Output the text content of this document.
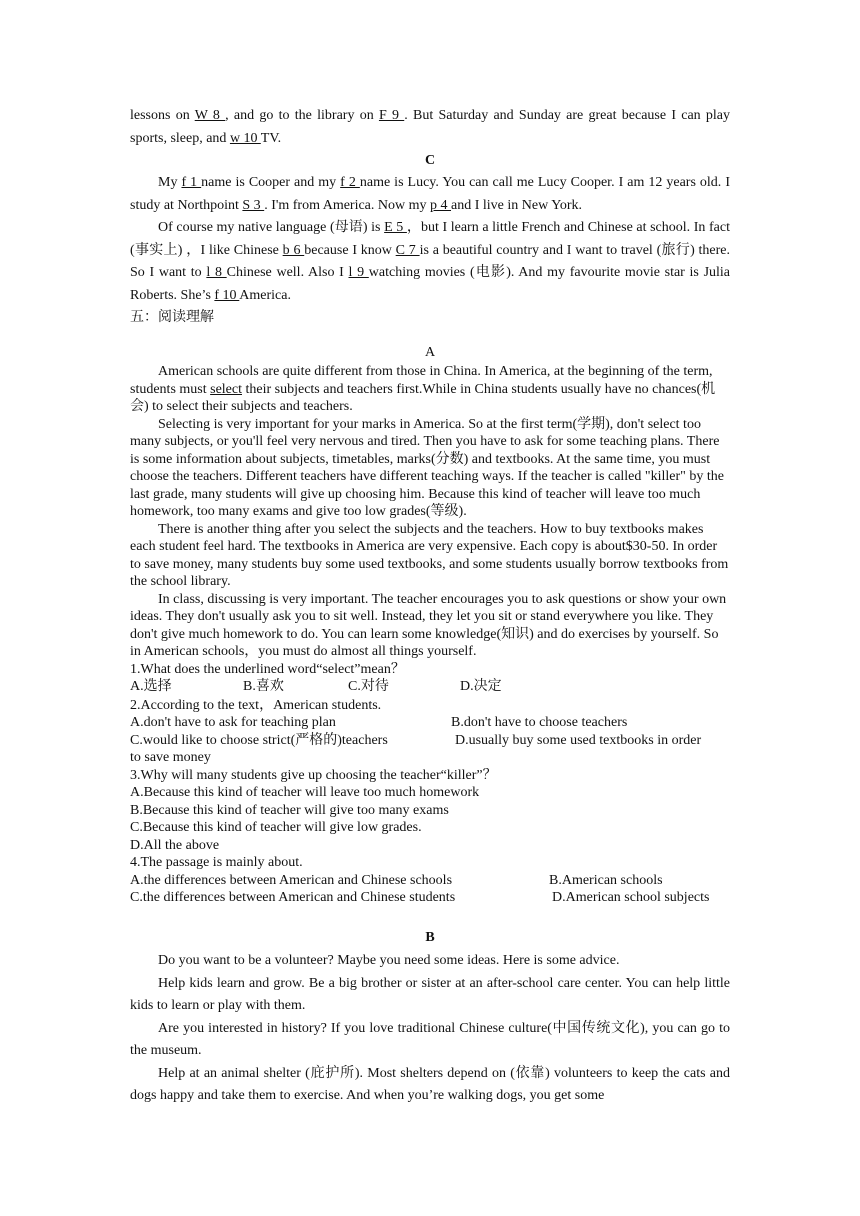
lessons on W 8 , and go to the library on F 9 . But Saturday and Sunday are great because I can play sports, sleep, and w 10 TV.

C

My f 1 name is Cooper and my f 2 name is Lucy. You can call me Lucy Cooper. I am 12 years old. I study at Northpoint S 3 . I'm from America. Now my p 4 and I live in New York.

Of course my native language (母语) is E 5 ，but I learn a little French and Chinese at school. In fact (事实上) ，I like Chinese b 6 because I know C 7 is a beautiful country and I want to travel (旅行) there. So I want to l 8 Chinese well. Also I l 9 watching movies (电影). And my favourite movie star is Julia Roberts. She’s f 10 America.

五：阅读理解
A

American schools are quite different from those in China. In America, at the beginning of the term, students must select their subjects and teachers first.While in China students usually have no chances(机会) to select their subjects and teachers.

Selecting is very important for your marks in America. So at the first term(学期), don't select too many subjects, or you'll feel very nervous and tired. Then you have to ask for some teaching plans. There is some information about subjects, timetables, marks(分数) and textbooks. At the same time, you must choose the teachers. Different teachers have different teaching ways. If the teacher is called "killer" by the last grade, many students will give up choosing him. Because this kind of teacher will leave too much homework, too many exams and give too low grades(等级).

There is another thing after you select the subjects and the teachers. How to buy textbooks makes each student feel hard. The textbooks in America are very expensive. Each copy is about$30-50. In order to save money, many students buy some used textbooks, and some students usually borrow textbooks from the school library.

In class, discussing is very important. The teacher encourages you to ask questions or show your own ideas. They don't usually ask you to sit well. Instead, they let you sit or stand everywhere you like. They don't give much homework to do. You can learn some knowledge(知识) and do exercises by yourself. So in American schools，you must do almost all things yourself.

1.What does the underlined word“select”mean？

A.选择	B.喜欢	C.对待	D.决定

2.According to the text，American students.

A.don't have to ask for teaching plan	B.don't have to choose teachers
C.would like to choose strict(严格的)teachers	D.usually buy some used textbooks in order

to save money

3.Why will many students give up choosing the teacher“killer”？

A.Because this kind of teacher will leave too much homework

B.Because this kind of teacher will give too many exams

C.Because this kind of teacher will give low grades.

D.All the above

4.The passage is mainly about.

A.the differences between American and Chinese schools	B.American schools
C.the differences between American and Chinese students	D.American school subjects
B

Do you want to be a volunteer? Maybe you need some ideas. Here is some advice.

Help kids learn and grow. Be a big brother or sister at an after-school care center. You can help little kids to learn or play with them.

Are you interested in history? If you love traditional Chinese culture(中国传统文化), you can go to the museum.

Help at an animal shelter (庇护所). Most shelters depend on (依靠) volunteers to keep the cats and dogs happy and take them to exercise. And when you’re walking dogs, you get some
